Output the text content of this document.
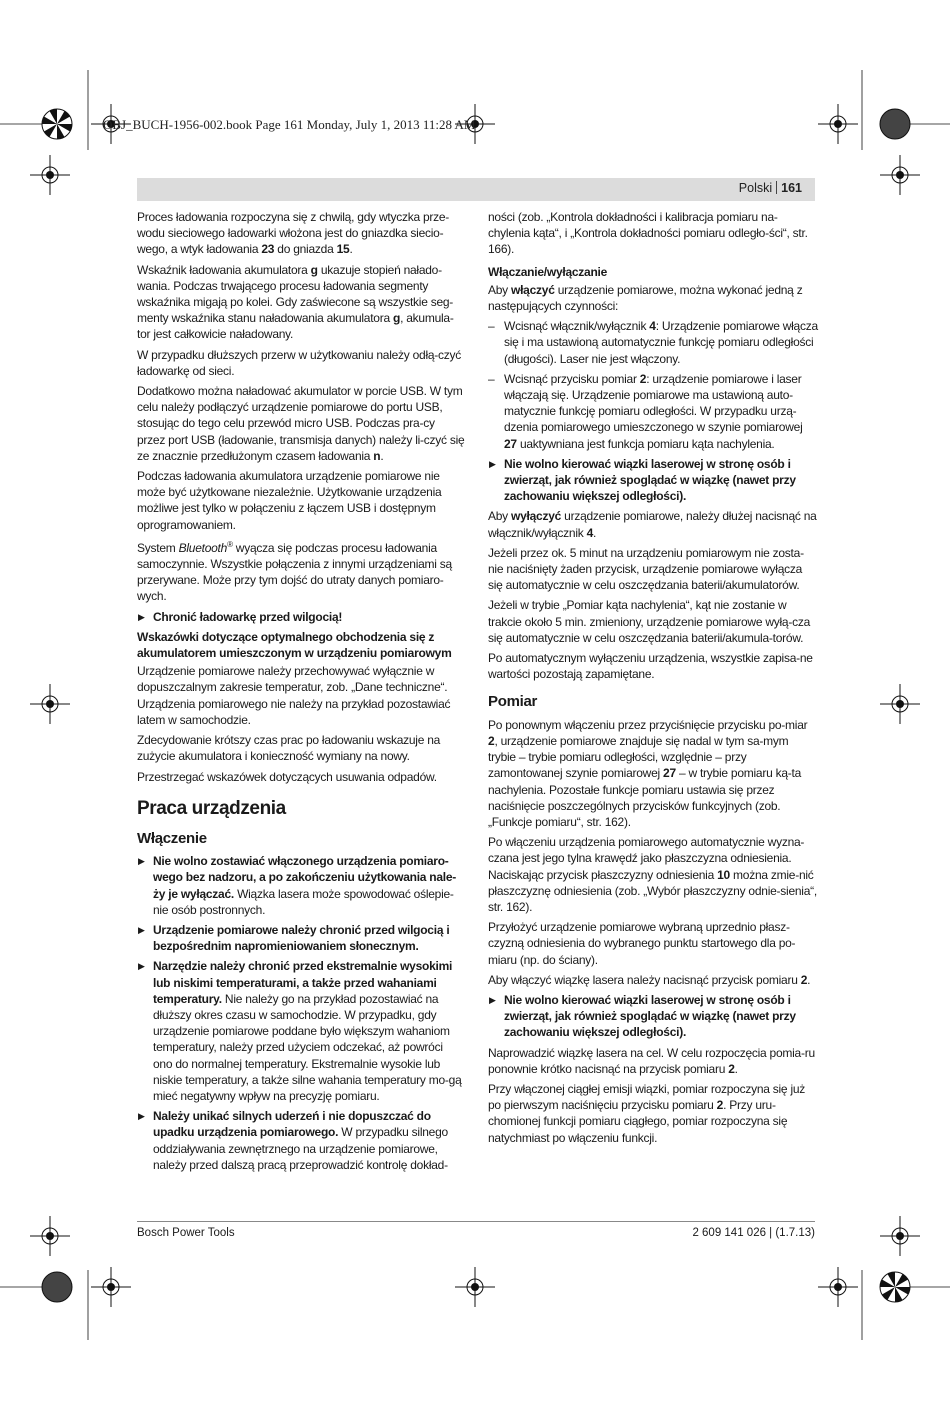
OBJ_BUCH-1956-002.book Page 161 Monday, July 1, 2013 11:28 AM
Polski 161

Proces ładowania rozpoczyna się z chwilą, gdy wtyczka prze-wodu sieciowego ładowarki włożona jest do gniazdka siecio-wego, a wtyk ładowania 23 do gniazda 15.

Wskaźnik ładowania akumulatora g ukazuje stopień nałado-wania. Podczas trwającego procesu ładowania segmenty wskaźnika migają po kolei. Gdy zaświecone są wszystkie seg-menty wskaźnika stanu naładowania akumulatora g, akumula-tor jest całkowicie naładowany.

W przypadku dłuższych przerw w użytkowaniu należy odłą-czyć ładowarkę od sieci.

Dodatkowo można naładować akumulator w porcie USB. W tym celu należy podłączyć urządzenie pomiarowe do portu USB, stosując do tego celu przewód micro USB. Podczas pra-cy przez port USB (ładowanie, transmisja danych) należy li-czyć się ze znacznie przedłużonym czasem ładowania n.

Podczas ładowania akumulatora urządzenie pomiarowe nie może być użytkowane niezależnie. Użytkowanie urządzenia możliwe jest tylko w połączeniu z łączem USB i dostępnym oprogramowaniem.

System Bluetooth® wyącza się podczas procesu ładowania samoczynnie. Wszystkie połączenia z innymi urządzeniami są przerywane. Może przy tym dojść do utraty danych pomiaro-wych.

▶ Chronić ładowarkę przed wilgocią!

Wskazówki dotyczące optymalnego obchodzenia się z akumulatorem umieszczonym w urządzeniu pomiarowym

Urządzenie pomiarowe należy przechowywać wyłącznie w dopuszczalnym zakresie temperatur, zob. „Dane techniczne“. Urządzenia pomiarowego nie należy na przykład pozostawiać latem w samochodzie.

Zdecydowanie krótszy czas prac po ładowaniu wskazuje na zużycie akumulatora i konieczność wymiany na nowy.

Przestrzegać wskazówek dotyczących usuwania odpadów.

Praca urządzenia
Włączenie

▶ Nie wolno zostawiać włączonego urządzenia pomiaro-wego bez nadzoru, a po zakończeniu użytkowania nale-ży je wyłączać. Wiązka lasera może spowodować oślepie-nie osób postronnych.

▶ Urządzenie pomiarowe należy chronić przed wilgocią i bezpośrednim napromieniowaniem słonecznym.

▶ Narzędzie należy chronić przed ekstremalnie wysokimi lub niskimi temperaturami, a także przed wahaniami temperatury. Nie należy go na przykład pozostawiać na dłuższy okres czasu w samochodzie. W przypadku, gdy urządzenie pomiarowe poddane było większym wahaniom temperatury, należy przed użyciem odczekać, aż powróci ono do normalnej temperatury. Ekstremalnie wysokie lub niskie temperatury, a także silne wahania temperatury mo-gą mieć negatywny wpływ na precyzję pomiaru.

▶ Należy unikać silnych uderzeń i nie dopuszczać do upadku urządzenia pomiarowego. W przypadku silnego oddziaływania zewnętrznego na urządzenie pomiarowe, należy przed dalszą pracą przeprowadzić kontrolę dokład-

ności (zob. „Kontrola dokładności i kalibracja pomiaru na-chylenia kąta“, i „Kontrola dokładności pomiaru odległo-ści“, str. 166).

Włączanie/wyłączanie

Aby włączyć urządzenie pomiarowe, można wykonać jedną z następujących czynności:

– Wcisnąć włącznik/wyłącznik 4: Urządzenie pomiarowe włącza się i ma ustawioną automatycznie funkcję pomiaru odległości (długości). Laser nie jest włączony.

– Wcisnąć przycisku pomiar 2: urządzenie pomiarowe i laser włączają się. Urządzenie pomiarowe ma ustawioną auto-matycznie funkcję pomiaru odległości. W przypadku urzą-dzenia pomiarowego umieszczonego w szynie pomiarowej 27 uaktywniana jest funkcja pomiaru kąta nachylenia.

▶ Nie wolno kierować wiązki laserowej w stronę osób i zwierząt, jak również spoglądać w wiązkę (nawet przy zachowaniu większej odległości).

Aby wyłączyć urządzenie pomiarowe, należy dłużej nacisnąć na włącznik/wyłącznik 4.

Jeżeli przez ok. 5 minut na urządzeniu pomiarowym nie zosta-nie naciśnięty żaden przycisk, urządzenie pomiarowe wyłącza się automatycznie w celu oszczędzania baterii/akumulatorów.

Jeżeli w trybie „Pomiar kąta nachylenia“, kąt nie zostanie w trakcie około 5 min. zmieniony, urządzenie pomiarowe wyłą-cza się automatycznie w celu oszczędzania baterii/akumula-torów.

Po automatycznym wyłączeniu urządzenia, wszystkie zapisa-ne wartości pozostają zapamiętane.

Pomiar

Po ponownym włączeniu przez przyciśnięcie przycisku po-miar 2, urządzenie pomiarowe znajduje się nadal w tym sa-mym trybie – trybie pomiaru odległości, względnie – przy zamontowanej szynie pomiarowej 27 – w trybie pomiaru ką-ta nachylenia. Pozostałe funkcje pomiaru ustawia się przez naciśnięcie poszczególnych przycisków funkcyjnych (zob. „Funkcje pomiaru“, str. 162).

Po włączeniu urządzenia pomiarowego automatycznie wyzna-czana jest jego tylna krawędź jako płaszczyzna odniesienia. Naciskając przycisk płaszczyzny odniesienia 10 można zmie-nić płaszczyznę odniesienia (zob. „Wybór płaszczyzny odnie-sienia“, str. 162).

Przyłożyć urządzenie pomiarowe wybraną uprzednio płasz-czyzną odniesienia do wybranego punktu startowego dla po-miaru (np. do ściany).

Aby włączyć wiązkę lasera należy nacisnąć przycisk pomiaru 2.

▶ Nie wolno kierować wiązki laserowej w stronę osób i zwierząt, jak również spoglądać w wiązkę (nawet przy zachowaniu większej odległości).

Naprowadzić wiązkę lasera na cel. W celu rozpoczęcia pomia-ru ponownie krótko nacisnąć na przycisk pomiaru 2.

Przy włączonej ciągłej emisji wiązki, pomiar rozpoczyna się już po pierwszym naciśnięciu przycisku pomiaru 2. Przy uru-chomionej funkcji pomiaru ciągłego, pomiar rozpoczyna się natychmiast po włączeniu funkcji.

Bosch Power Tools	2 609 141 026 | (1.7.13)
